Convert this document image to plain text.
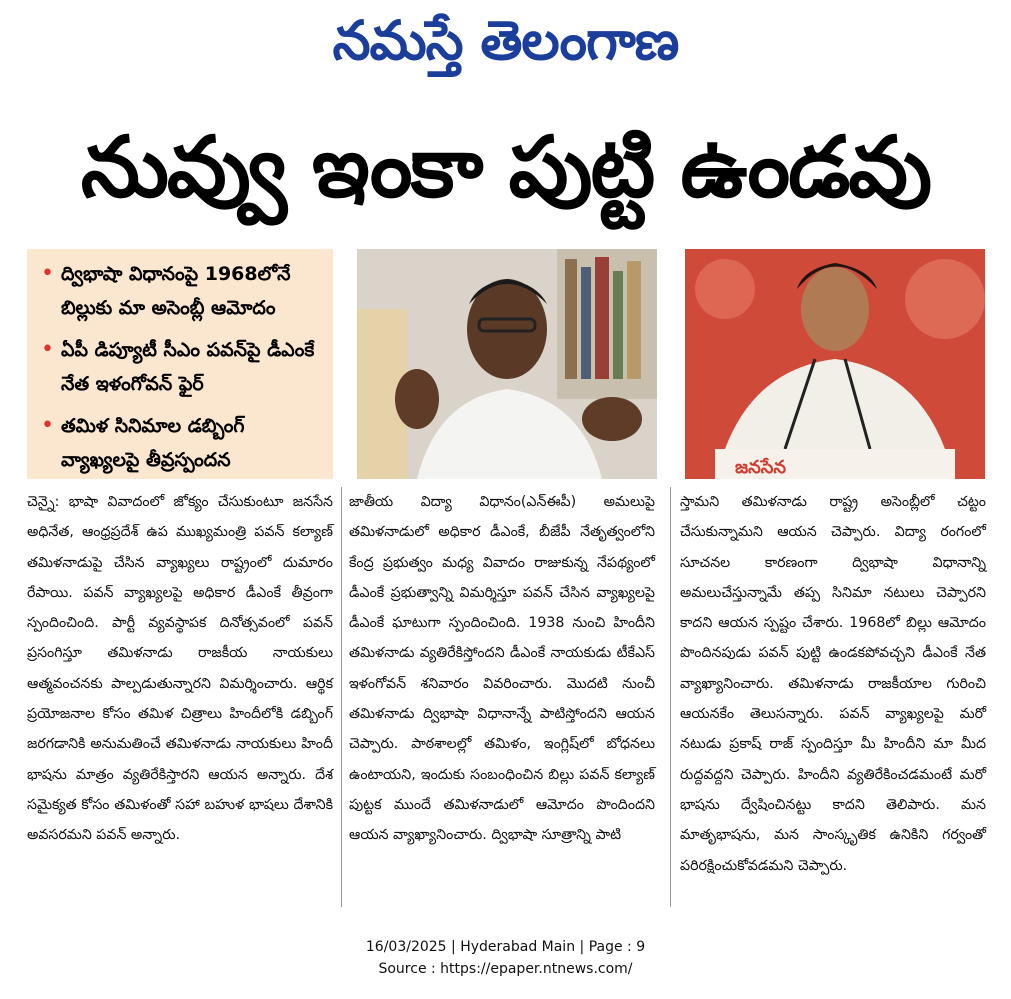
నమస్తే తెలంగాణ
నువ్వు ఇంకా పుట్టి ఉండవు
• ద్విభాషా విధానంపై 1968లోనే బిల్లుకు మా అసెంబ్లీ ఆమోదం
• ఏపీ డిప్యూటీ సీఎం పవన్‌పై డీఎంకే నేత ఇళంగోవన్ ఫైర్
• తమిళ సినిమాల డబ్బింగ్ వ్యాఖ్యలపై తీవ్రస్పందన	జనసేన
చెన్నై: భాషా వివాదంలో జోక్యం చేసుకుంటూ జనసేన అధినేత, ఆంధ్రప్రదేశ్ ఉప ముఖ్యమంత్రి పవన్ కల్యాణ్ తమిళనాడుపై చేసిన వ్యాఖ్యలు రాష్ట్రంలో దుమారం రేపాయి. పవన్ వ్యాఖ్యలపై అధికార డీఎంకే తీవ్రంగా స్పందించింది. పార్టీ వ్యవస్థాపక దినోత్సవంలో పవన్ ప్రసంగిస్తూ తమిళనాడు రాజకీయ నాయకులు ఆత్మవంచనకు పాల్పడుతున్నారని విమర్శించారు. ఆర్థిక ప్రయోజనాల కోసం తమిళ చిత్రాలు హిందీలోకి డబ్బింగ్ జరగడానికి అనుమతించే తమిళనాడు నాయకులు హిందీ భాషను మాత్రం వ్యతిరేకిస్తారని ఆయన అన్నారు. దేశ సమైక్యత కోసం తమిళంతో సహా బహుళ భాషలు దేశానికి అవసరమని పవన్ అన్నారు.
జాతీయ విద్యా విధానం(ఎన్ఈపీ) అమలుపై తమిళనాడులో అధికార డీఎంకే, బీజేపీ నేతృత్వంలోని కేంద్ర ప్రభుత్వం మధ్య వివాదం రాజుకున్న నేపథ్యంలో డీఎంకే ప్రభుత్వాన్ని విమర్శిస్తూ పవన్ చేసిన వ్యాఖ్యలపై డీఎంకే ఘాటుగా స్పందించింది. 1938 నుంచి హిందీని తమిళనాడు వ్యతిరేకిస్తోందని డీఎంకే నాయకుడు టీకేఎస్ ఇళంగోవన్ శనివారం వివరించారు. మొదటి నుంచీ తమిళనాడు ద్విభాషా విధానాన్నే పాటిస్తోందని ఆయన చెప్పారు. పాఠశాలల్లో తమిళం, ఇంగ్లిష్‌లో బోధనలు ఉంటాయని, ఇందుకు సంబంధించిన బిల్లు పవన్ కల్యాణ్ పుట్టక ముందే తమిళనాడులో ఆమోదం పొందిందని ఆయన వ్యాఖ్యానించారు. ద్విభాషా సూత్రాన్ని పాటి
స్తామని తమిళనాడు రాష్ట్ర అసెంబ్లీలో చట్టం చేసుకున్నామని ఆయన చెప్పారు. విద్యా రంగంలో సూచనల కారణంగా ద్విభాషా విధానాన్ని అమలుచేస్తున్నామే తప్ప సినిమా నటులు చెప్పారని కాదని ఆయన స్పష్టం చేశారు. 1968లో బిల్లు ఆమోదం పొందినపుడు పవన్ పుట్టి ఉండకపోవచ్చని డీఎంకే నేత వ్యాఖ్యానించారు. తమిళనాడు రాజకీయాల గురించి ఆయనకేం తెలుసన్నారు. పవన్ వ్యాఖ్యలపై మరో నటుడు ప్రకాష్ రాజ్ స్పందిస్తూ మీ హిందీని మా మీద రుద్దవద్దని చెప్పారు. హిందీని వ్యతిరేకించడమంటే మరో భాషను ద్వేషించినట్టు కాదని తెలిపారు. మన మాతృభాషను, మన సాంస్కృతిక ఉనికిని గర్వంతో పరిరక్షించుకోవడమని చెప్పారు.
16/03/2025 | Hyderabad Main | Page : 9
Source : https://epaper.ntnews.com/
